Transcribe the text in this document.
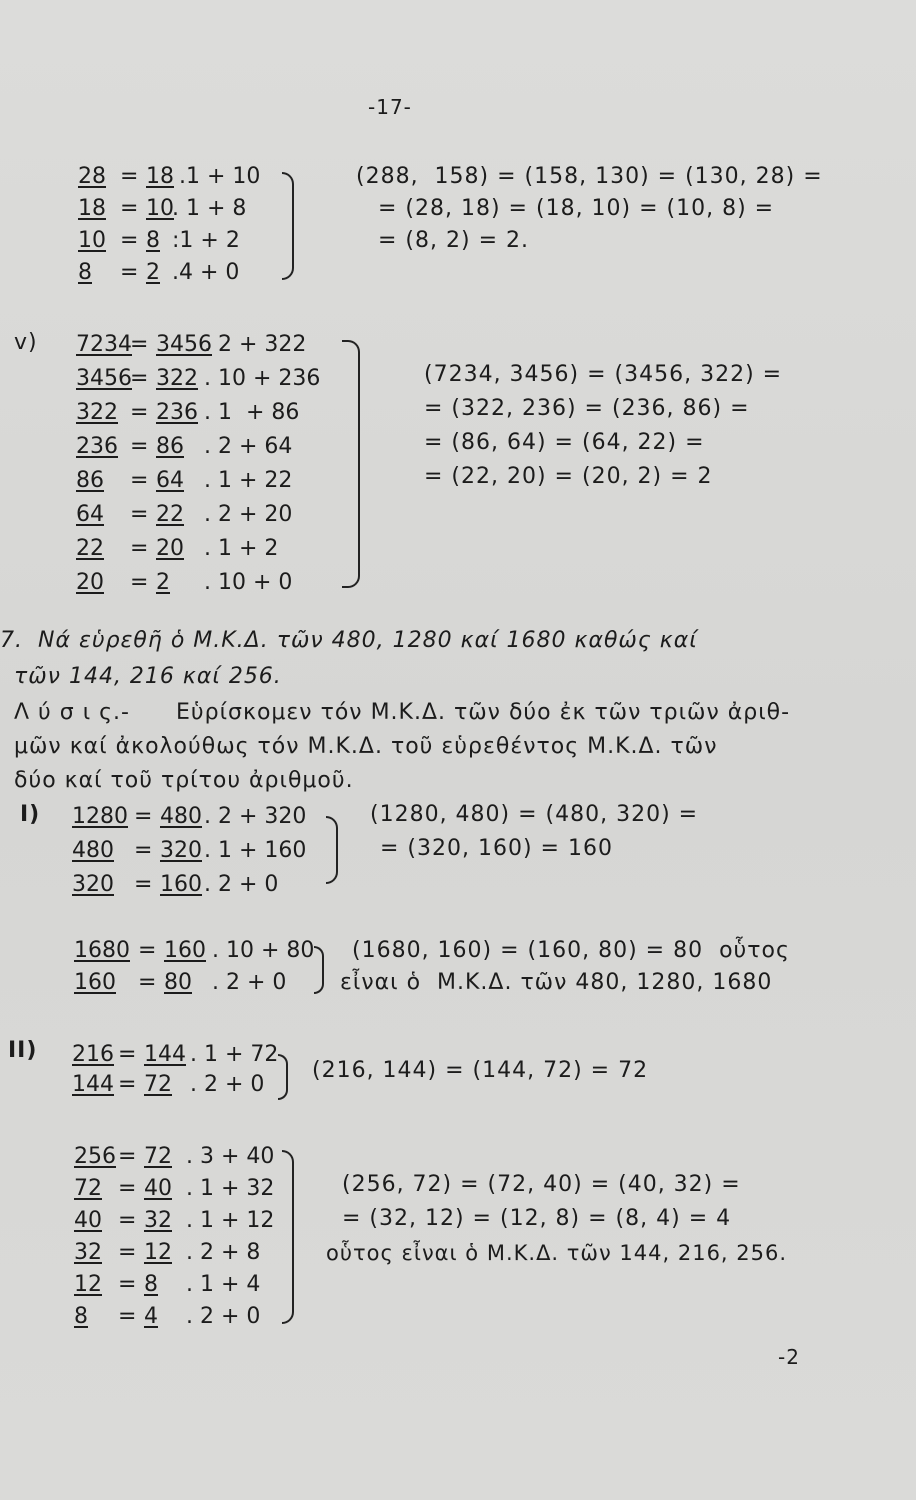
-17-
28 = 18
.1 + 10
18 = 10
. 1 + 8
10 = 8 :1 + 2
8 = 2 .4 + 0
(288,  158) = (158, 130) = (130, 28) =
= (28, 18) = (18, 10) = (10, 8) =
= (8, 2) = 2.
v) 7234
= 3456
. 2 + 322
3456
= 322 . 10 + 236
322 = 236 . 1  + 86
236 = 86 . 2 + 64
86 = 64 . 1 + 22
64 = 22 . 2 + 20
22 = 20 . 1 + 2
20 = 2 . 10 + 0
(7234, 3456) = (3456, 322) =
= (322, 236) = (236, 86) =
= (86, 64) = (64, 22) =
= (22, 20) = (20, 2) = 2
7. Νά εὑρεθῆ ὁ Μ.Κ.Δ. τῶν 480, 1280 καί 1680 καθώς καί
τῶν 144, 216 καί 256.
Λ ύ σ ι ς.- Εὑρίσκομεν τόν Μ.Κ.Δ. τῶν δύο ἐκ τῶν τριῶν ἀριθ-
μῶν καί ἀκολούθως τόν Μ.Κ.Δ. τοῦ εὑρεθέντος Μ.Κ.Δ. τῶν
δύο καί τοῦ τρίτου ἀριθμοῦ.
I) 1280 = 480 . 2 + 320
480 = 320 . 1 + 160
320 = 160 . 2 + 0
(1280, 480) = (480, 320) =
= (320, 160) = 160
1680 = 160 . 10 + 80
160 = 80 . 2 + 0
(1680, 160) = (160, 80) = 80  οὗτος
εἶναι ὁ  Μ.Κ.Δ. τῶν 480, 1280, 1680
II) 216 = 144 . 1 + 72
144 = 72 . 2 + 0
(216, 144) = (144, 72) = 72
256 = 72 . 3 + 40
72 = 40 . 1 + 32
40 = 32 . 1 + 12
32 = 12 . 2 + 8
12 = 8 . 1 + 4
8 = 4 . 2 + 0
(256, 72) = (72, 40) = (40, 32) =
= (32, 12) = (12, 8) = (8, 4) = 4
οὗτος εἶναι ὁ Μ.Κ.Δ. τῶν 144, 216, 256.
-2
